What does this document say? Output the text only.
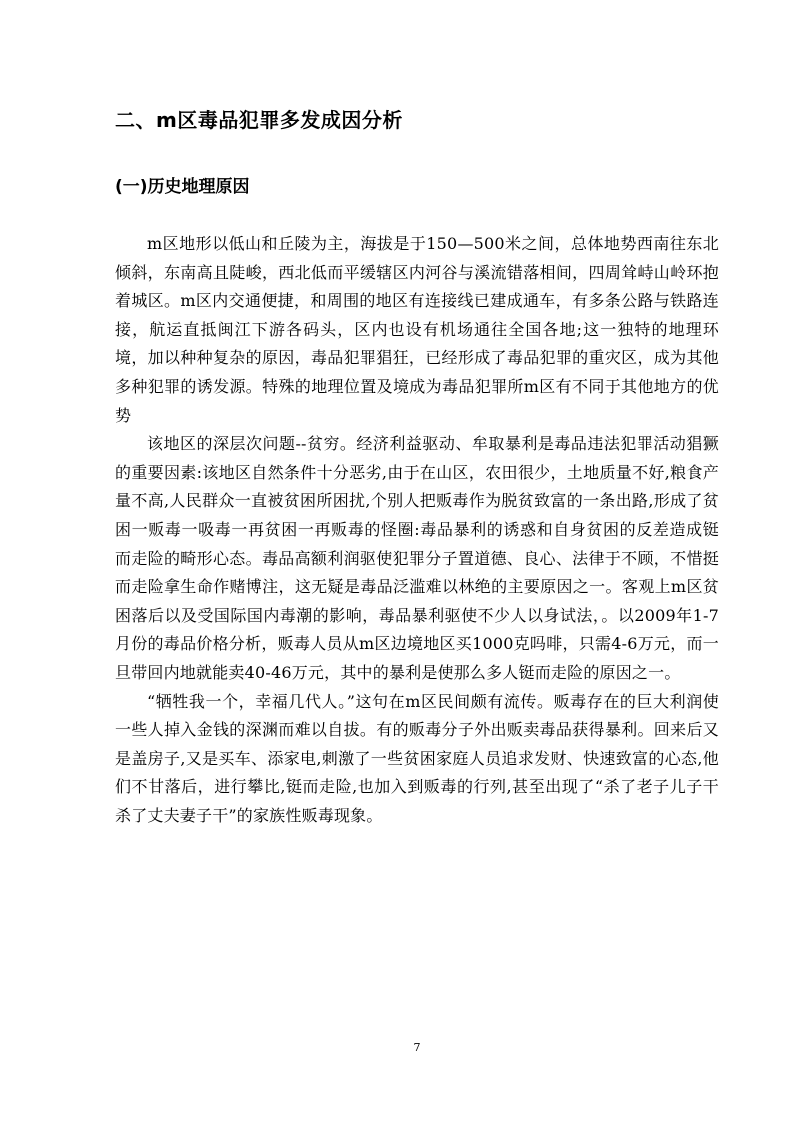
二、m区毒品犯罪多发成因分析
(一)历史地理原因

m区地形以低山和丘陵为主，海拔是于150—500米之间，总体地势西南往东北倾斜，东南高且陡峻，西北低而平缓辖区内河谷与溪流错落相间，四周耸峙山岭环抱着城区。m区内交通便捷，和周围的地区有连接线已建成通车，有多条公路与铁路连接，航运直抵闽江下游各码头，区内也设有机场通往全国各地;这一独特的地理环境，加以种种复杂的原因，毒品犯罪猖狂，已经形成了毒品犯罪的重灾区，成为其他多种犯罪的诱发源。特殊的地理位置及境成为毒品犯罪所m区有不同于其他地方的优势

该地区的深层次问题--贫穷。经济利益驱动、牟取暴利是毒品违法犯罪活动猖獗的重要因素:该地区自然条件十分恶劣,由于在山区，农田很少，土地质量不好,粮食产量不高,人民群众一直被贫困所困扰,个别人把贩毒作为脱贫致富的一条出路,形成了贫困一贩毒一吸毒一再贫困一再贩毒的怪圈:毒品暴利的诱惑和自身贫困的反差造成铤而走险的畸形心态。毒品高额利润驱使犯罪分子置道德、良心、法律于不顾，不惜挺而走险拿生命作赌博注，这无疑是毒品泛滥难以林绝的主要原因之一。客观上m区贫困落后以及受国际国内毒潮的影响，毒品暴利驱使不少人以身试法，。以2009年1-7月份的毒品价格分析，贩毒人员从m区边境地区买1000克吗啡，只需4-6万元，而一旦带回内地就能卖40-46万元，其中的暴利是使那么多人铤而走险的原因之一。

“牺牲我一个，幸福几代人。”这句在m区民间颇有流传。贩毒存在的巨大利润使一些人掉入金钱的深渊而难以自拔。有的贩毒分子外出贩卖毒品获得暴利。回来后又是盖房子,又是买车、添家电,刺激了一些贫困家庭人员追求发财、快速致富的心态,他们不甘落后，进行攀比,铤而走险,也加入到贩毒的行列,甚至出现了“杀了老子儿子干杀了丈夫妻子干”的家族性贩毒现象。

7
